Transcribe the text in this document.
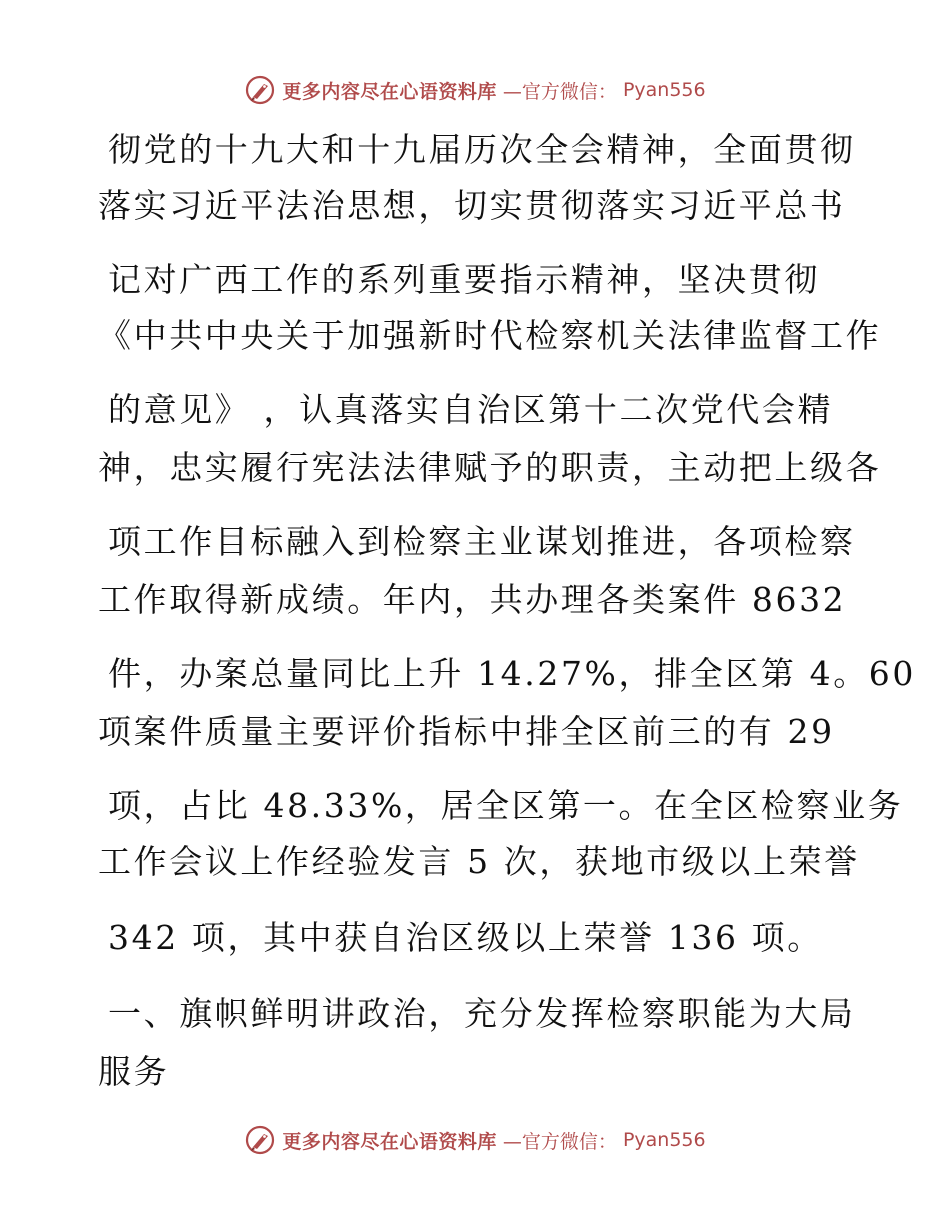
更多内容尽在心语资料库 —官方微信： Pyan556
彻党的十九大和十九届历次全会精神，全面贯彻
落实习近平法治思想，切实贯彻落实习近平总书
记对广西工作的系列重要指示精神，坚决贯彻
《中共中央关于加强新时代检察机关法律监督工作
的意见》 ，认真落实自治区第十二次党代会精
神，忠实履行宪法法律赋予的职责，主动把上级各
项工作目标融入到检察主业谋划推进，各项检察
工作取得新成绩。年内，共办理各类案件 8632
件，办案总量同比上升 14.27%，排全区第 4。60
项案件质量主要评价指标中排全区前三的有 29
项，占比 48.33%，居全区第一。在全区检察业务
工作会议上作经验发言 5 次，获地市级以上荣誉
342 项，其中获自治区级以上荣誉 136 项。
一、旗帜鲜明讲政治，充分发挥检察职能为大局
服务
更多内容尽在心语资料库 —官方微信： Pyan556
